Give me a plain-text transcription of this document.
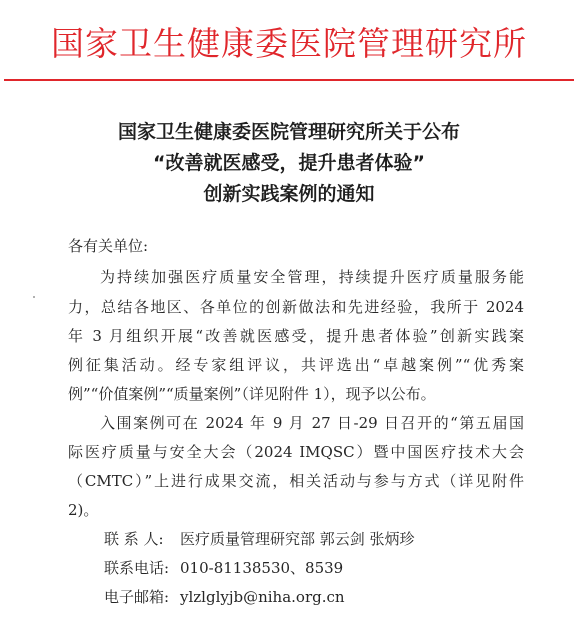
国家卫生健康委医院管理研究所
国家卫生健康委医院管理研究所关于公布
“改善就医感受，提升患者体验”
创新实践案例的通知
各有关单位:
为持续加强医疗质量安全管理，持续提升医疗质量服务能
力，总结各地区、各单位的创新做法和先进经验，我所于 2024
年 3 月组织开展“改善就医感受，提升患者体验”创新实践案
例征集活动。经专家组评议，共评选出“卓越案例”“优秀案
例”“价值案例”“质量案例”（详见附件 1），现予以公布。
入围案例可在 2024 年 9 月 27 日-29 日召开的“第五届国
际医疗质量与安全大会（2024 IMQSC）暨中国医疗技术大会
（CMTC）”上进行成果交流，相关活动与参与方式（详见附件
2)。
联 系 人: 医疗质量管理研究部 郭云剑 张炳珍
联系电话: 010-81138530、8539
电子邮箱: ylzlglyjb@niha.org.cn
